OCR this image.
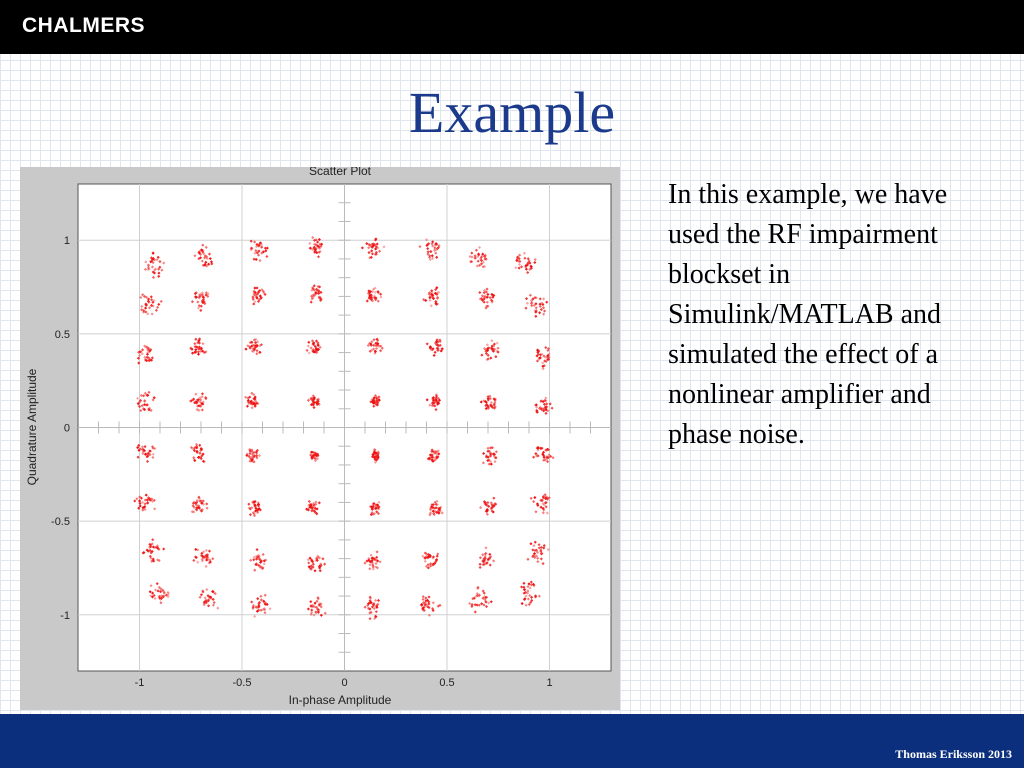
CHALMERS
Example
Scatter Plot
In-phase Amplitude
Quadrature Amplitude
-1	-0.5	0	0.5	1
1
0.5
0
-0.5
-1

In this example, we have used the RF impairment blockset in Simulink/MATLAB and simulated the effect of a nonlinear amplifier and phase noise.

Thomas Eriksson 2013
